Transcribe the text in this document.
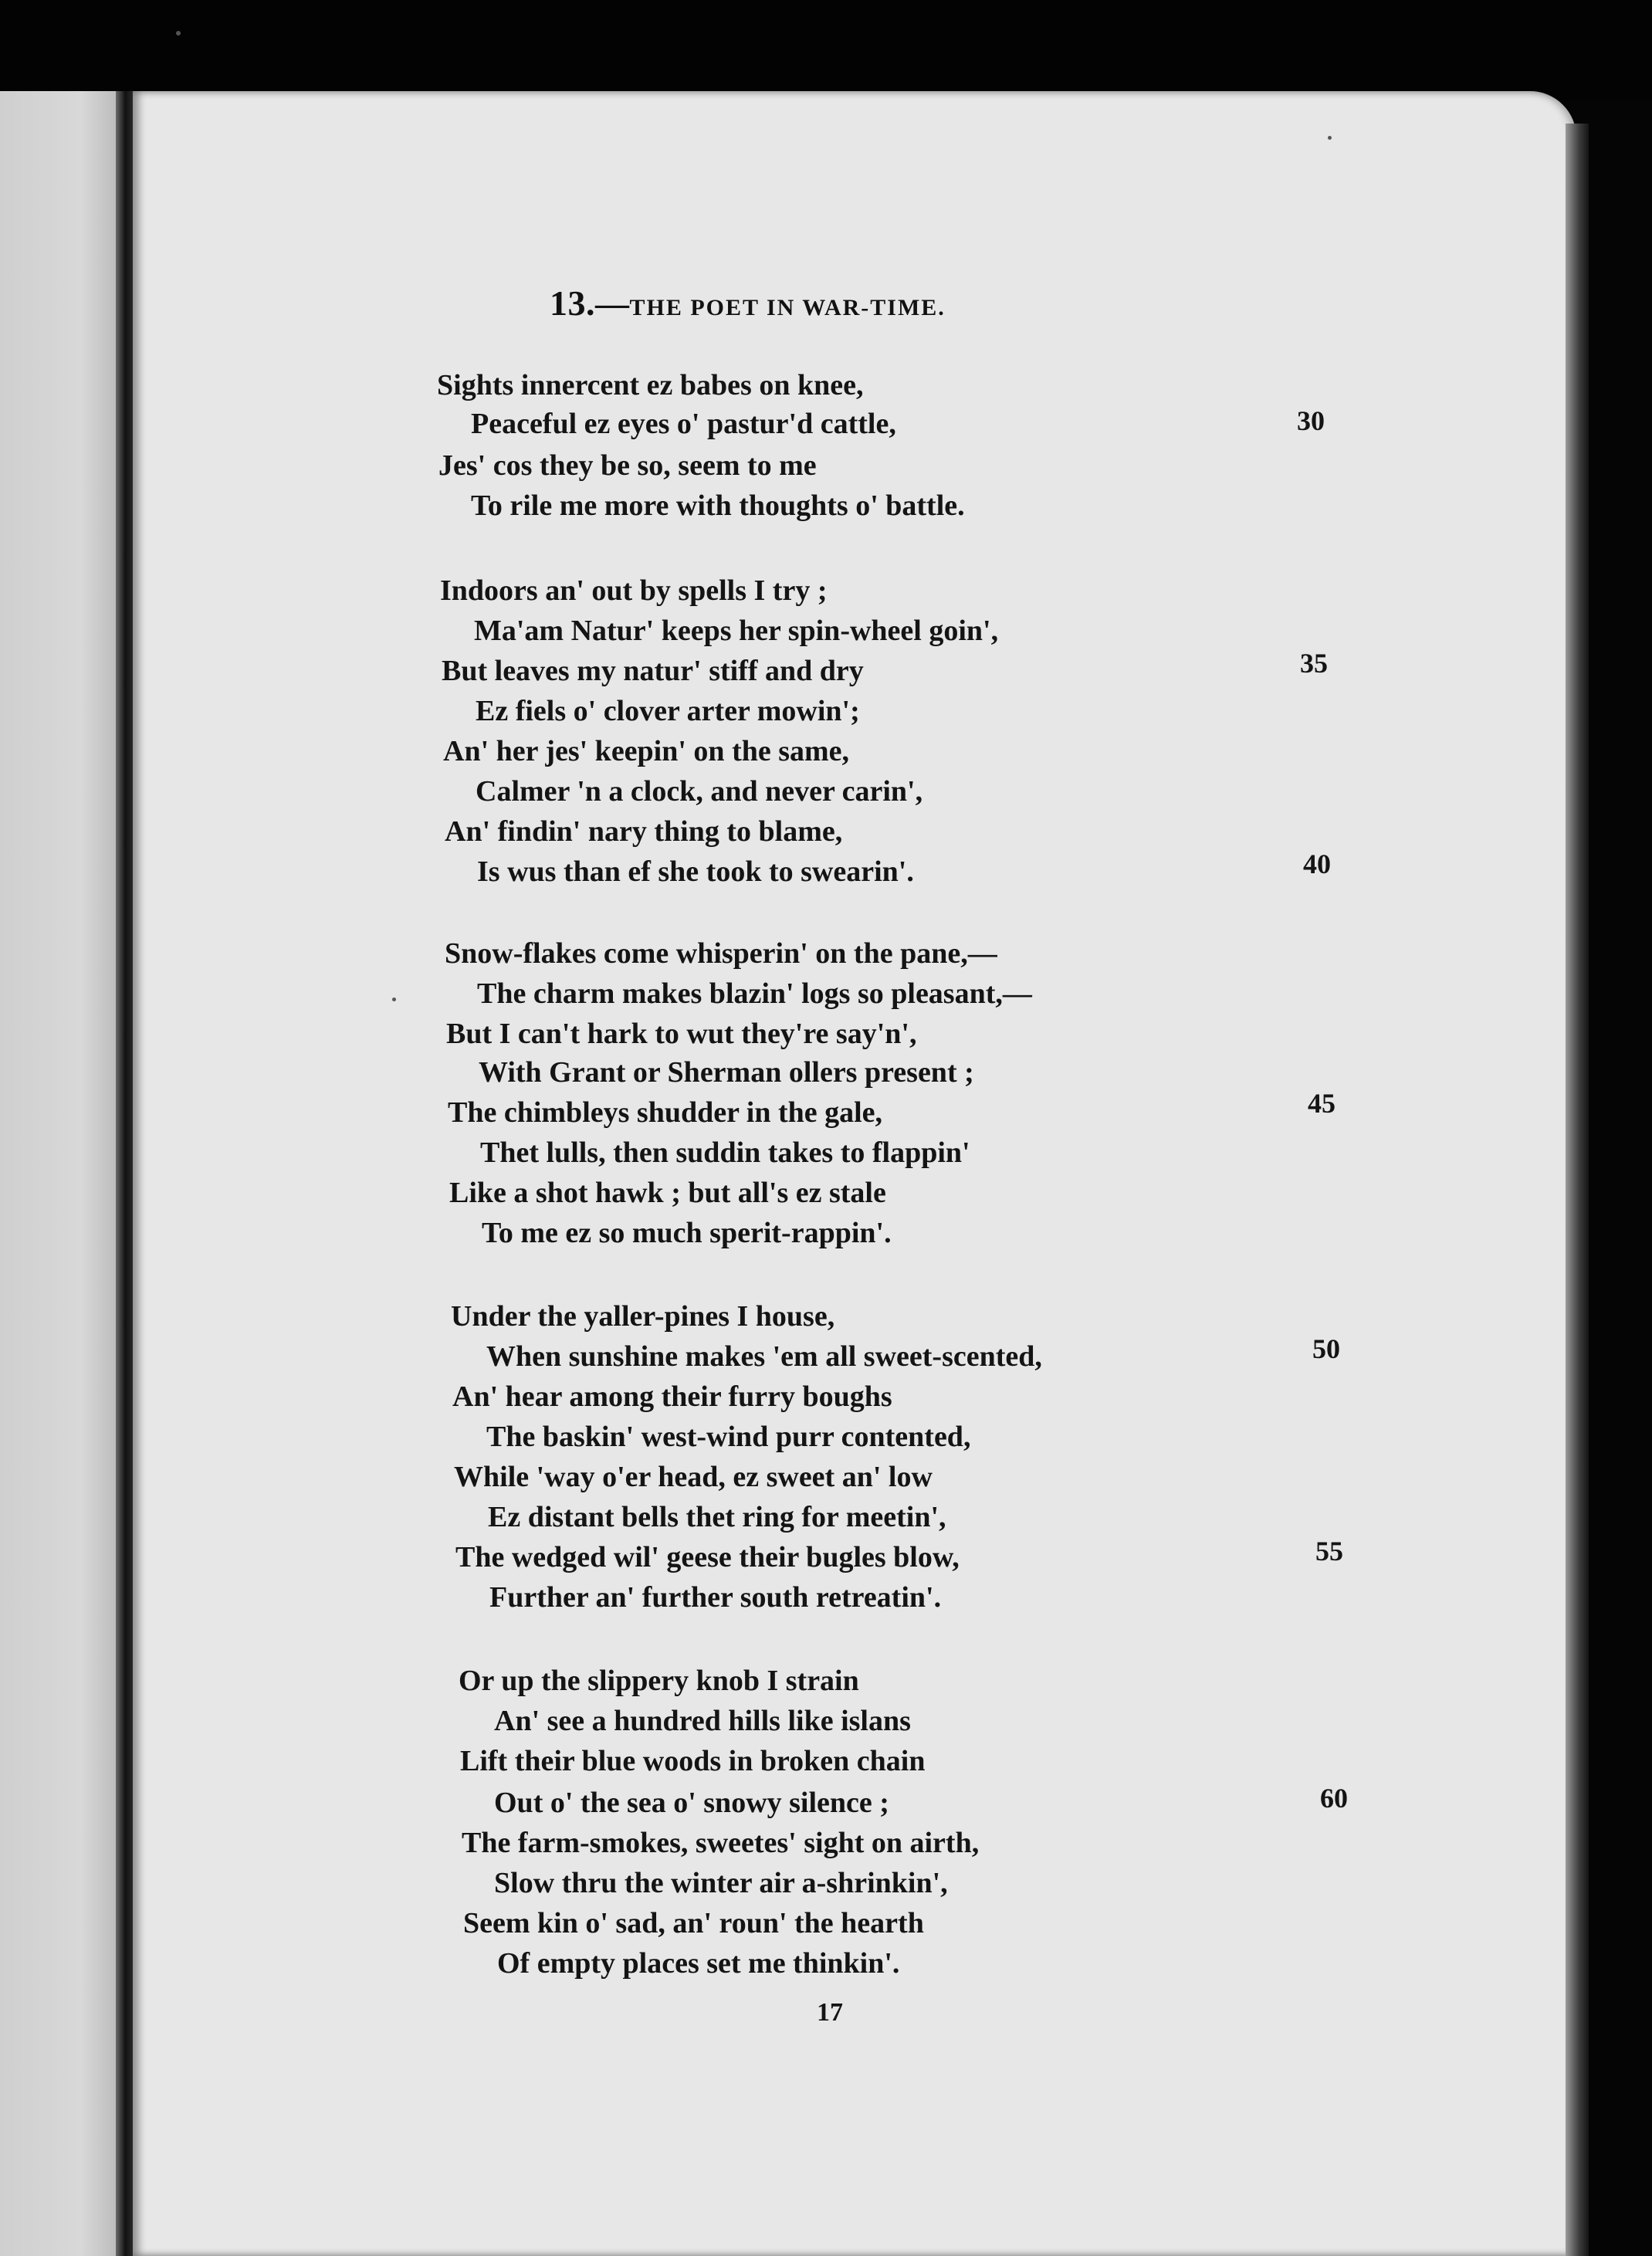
13.—THE POET IN WAR-TIME.
Sights innercent ez babes on knee,
Peaceful ez eyes o' pastur'd cattle,
Jes' cos they be so, seem to me
To rile me more with thoughts o' battle.
Indoors an' out by spells I try ;
Ma'am Natur' keeps her spin-wheel goin',
But leaves my natur' stiff and dry
Ez fiels o' clover arter mowin';
An' her jes' keepin' on the same,
Calmer 'n a clock, and never carin',
An' findin' nary thing to blame,
Is wus than ef she took to swearin'.
Snow-flakes come whisperin' on the pane,—
The charm makes blazin' logs so pleasant,—
But I can't hark to wut they're say'n',
With Grant or Sherman ollers present ;
The chimbleys shudder in the gale,
Thet lulls, then suddin takes to flappin'
Like a shot hawk ; but all's ez stale
To me ez so much sperit-rappin'.
Under the yaller-pines I house,
When sunshine makes 'em all sweet-scented,
An' hear among their furry boughs
The baskin' west-wind purr contented,
While 'way o'er head, ez sweet an' low
Ez distant bells thet ring for meetin',
The wedged wil' geese their bugles blow,
Further an' further south retreatin'.
Or up the slippery knob I strain
An' see a hundred hills like islans
Lift their blue woods in broken chain
Out o' the sea o' snowy silence ;
The farm-smokes, sweetes' sight on airth,
Slow thru the winter air a-shrinkin',
Seem kin o' sad, an' roun' the hearth
Of empty places set me thinkin'.
30
35
40
45
50
55
60
17
